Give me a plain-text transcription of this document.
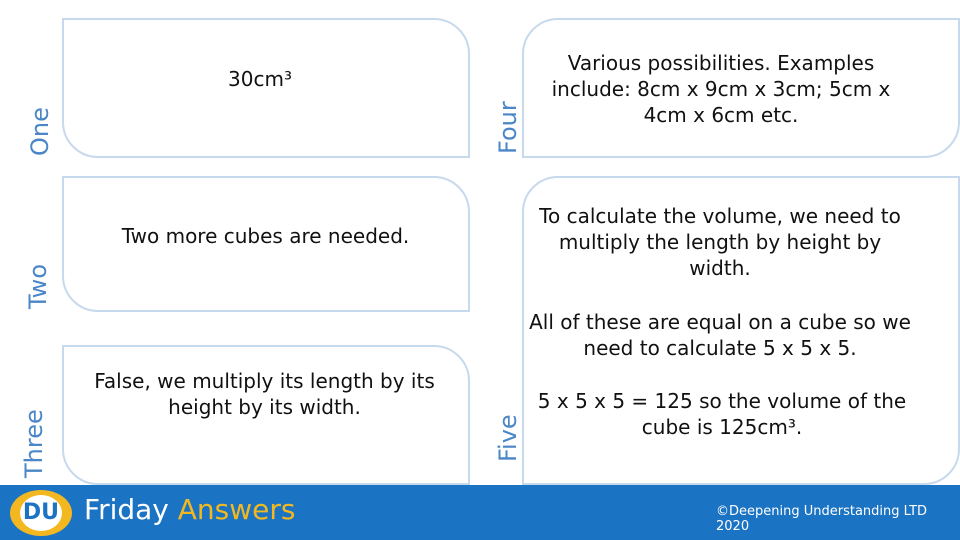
One
30cm³
Two
Two more cubes are needed.
Three
False, we multiply its length by its height by its width.
Four
Various possibilities. Examples include: 8cm x 9cm x 3cm; 5cm x 4cm x 6cm etc.
Five
To calculate the volume, we need to multiply the length by height by width.
All of these are equal on a cube so we need to calculate 5 x 5 x 5.
5 x 5 x 5 = 125 so the volume of the cube is 125cm³.
DU Friday Answers	©Deepening Understanding LTD 2020
